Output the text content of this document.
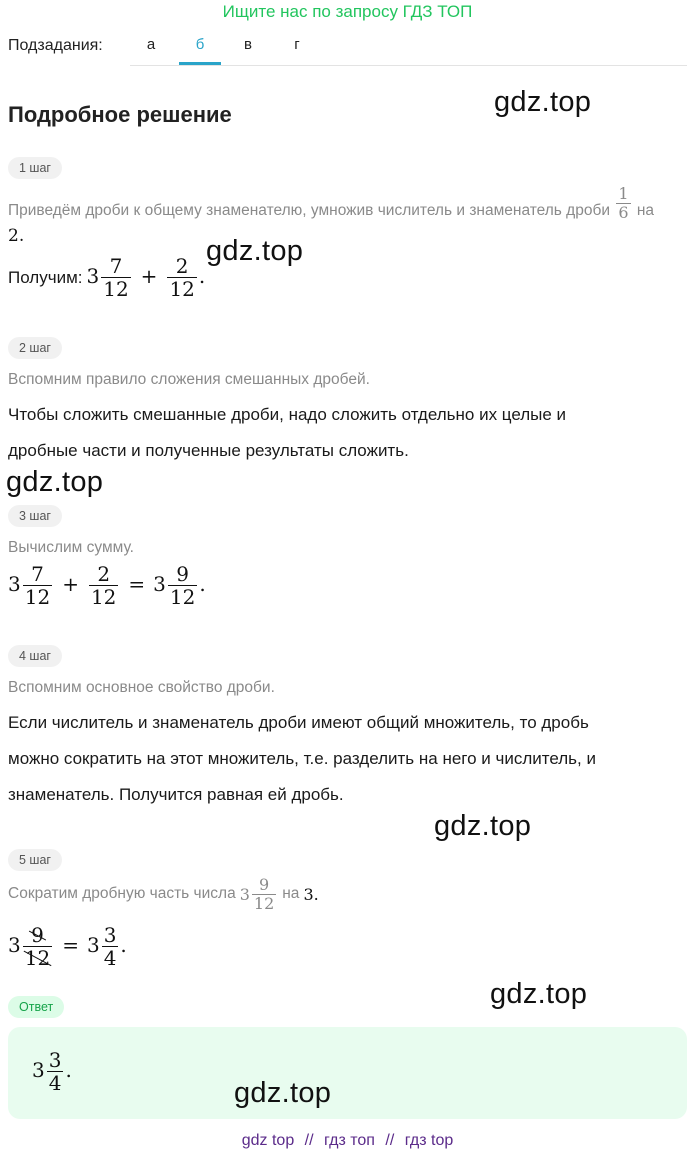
Ищите нас по запросу ГДЗ ТОП
Подзадания:	а	б	в	г
Подробное решение	gdz.top
1 шаг
Приведём дроби к общему знаменателю, умножив числитель и знаменатель дроби $\frac{1}{6}$ на
2.	gdz.top
Получим: $3 \frac{7}{12} + \frac{2}{12}$ .
2 шаг
Вспомним правило сложения смешанных дробей.
Чтобы сложить смешанные дроби, надо сложить отдельно их целые и
дробные части и полученные результаты сложить.
gdz.top
3 шаг
Вычислим сумму.
$3 \frac{7}{12} + \frac{2}{12} = 3 \frac{9}{12}$ .
4 шаг
Вспомним основное свойство дроби.
Если числитель и знаменатель дроби имеют общий множитель, то дробь
можно сократить на этот множитель, т.е. разделить на него и числитель, и
знаменатель. Получится равная ей дробь.
gdz.top
5 шаг
Сократим дробную часть числа $3 \frac{9}{12}$ на 3.
$3 \frac{9}{12} = 3 \frac{3}{4}$ .
Ответ	gdz.top
$3 \frac{3}{4}$ .
gdz.top
gdz top // гдз топ // гдз top
